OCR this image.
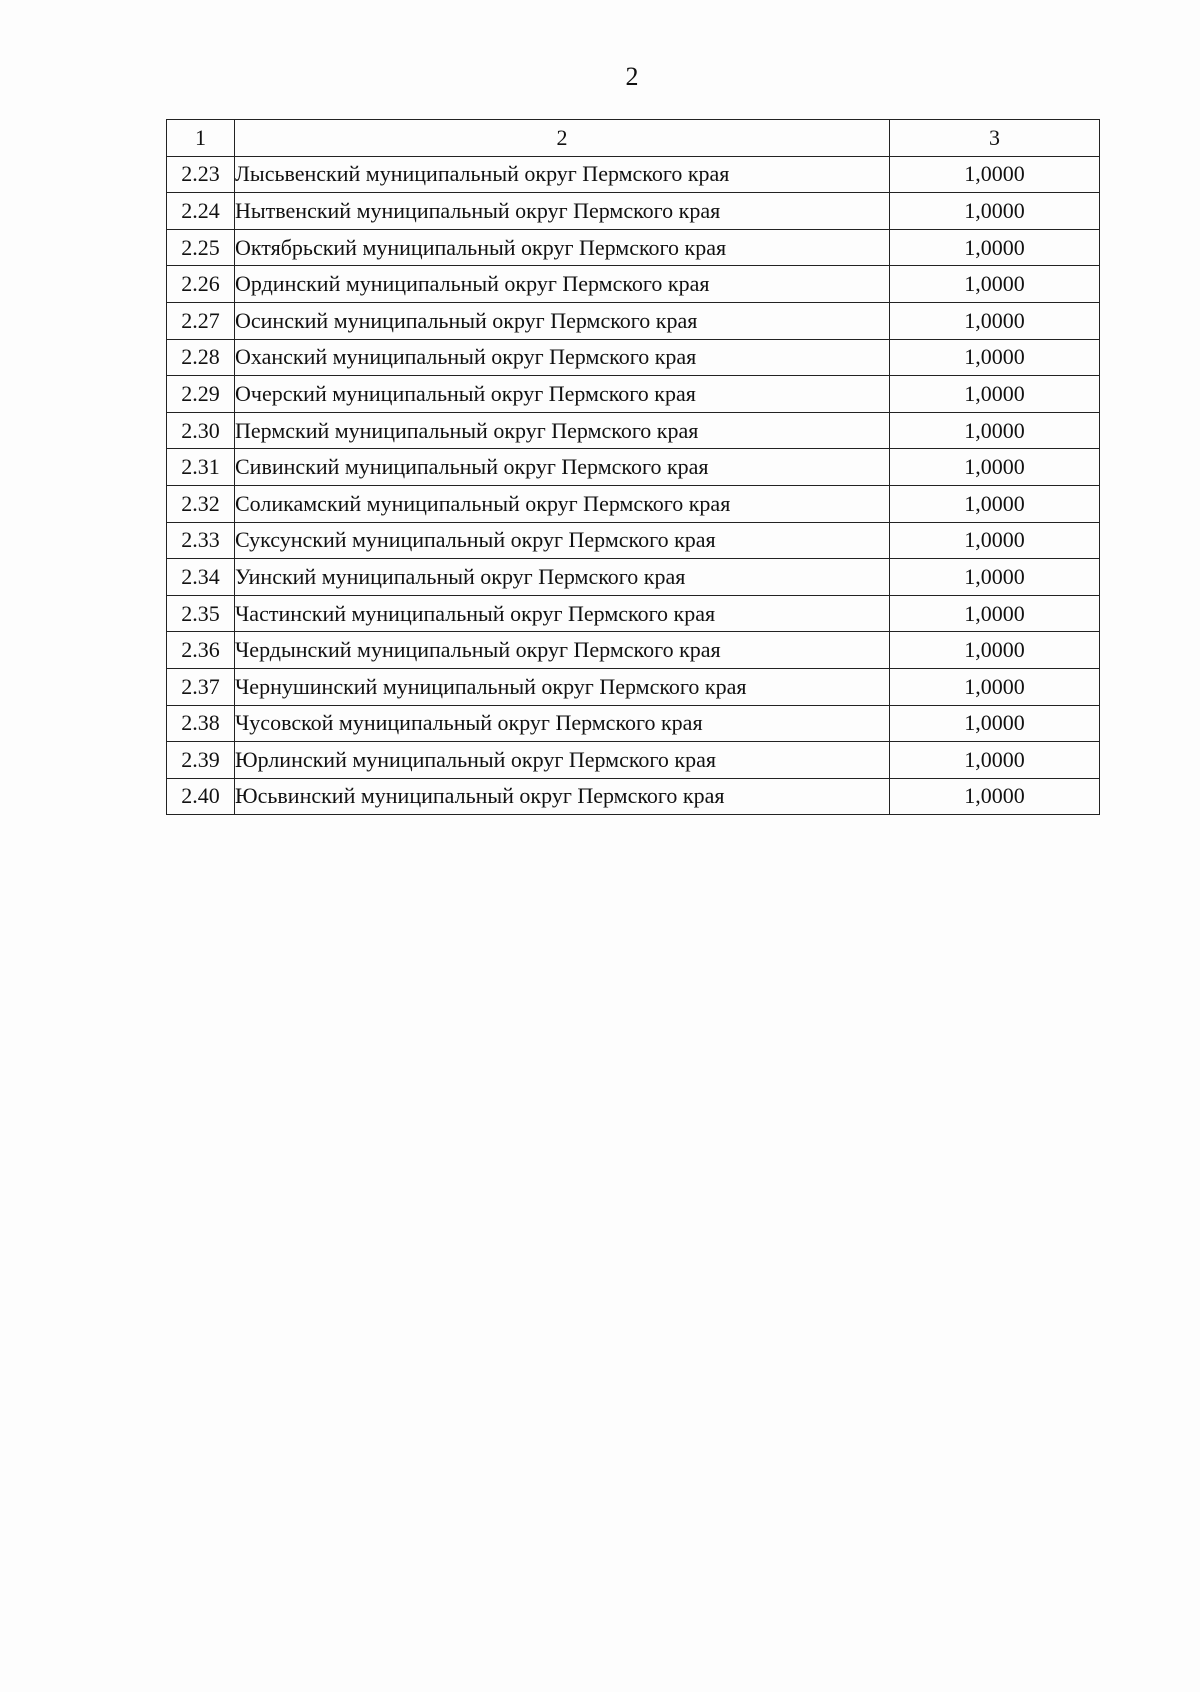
2
1	2	3
2.23	Лысьвенский муниципальный округ Пермского края	1,0000
2.24	Нытвенский муниципальный округ Пермского края	1,0000
2.25	Октябрьский муниципальный округ Пермского края	1,0000
2.26	Ординский муниципальный округ Пермского края	1,0000
2.27	Осинский муниципальный округ Пермского края	1,0000
2.28	Оханский муниципальный округ Пермского края	1,0000
2.29	Очерский муниципальный округ Пермского края	1,0000
2.30	Пермский муниципальный округ Пермского края	1,0000
2.31	Сивинский муниципальный округ Пермского края	1,0000
2.32	Соликамский муниципальный округ Пермского края	1,0000
2.33	Суксунский муниципальный округ Пермского края	1,0000
2.34	Уинский муниципальный округ Пермского края	1,0000
2.35	Частинский муниципальный округ Пермского края	1,0000
2.36	Чердынский муниципальный округ Пермского края	1,0000
2.37	Чернушинский муниципальный округ Пермского края	1,0000
2.38	Чусовской муниципальный округ Пермского края	1,0000
2.39	Юрлинский муниципальный округ Пермского края	1,0000
2.40	Юсьвинский муниципальный округ Пермского края	1,0000
